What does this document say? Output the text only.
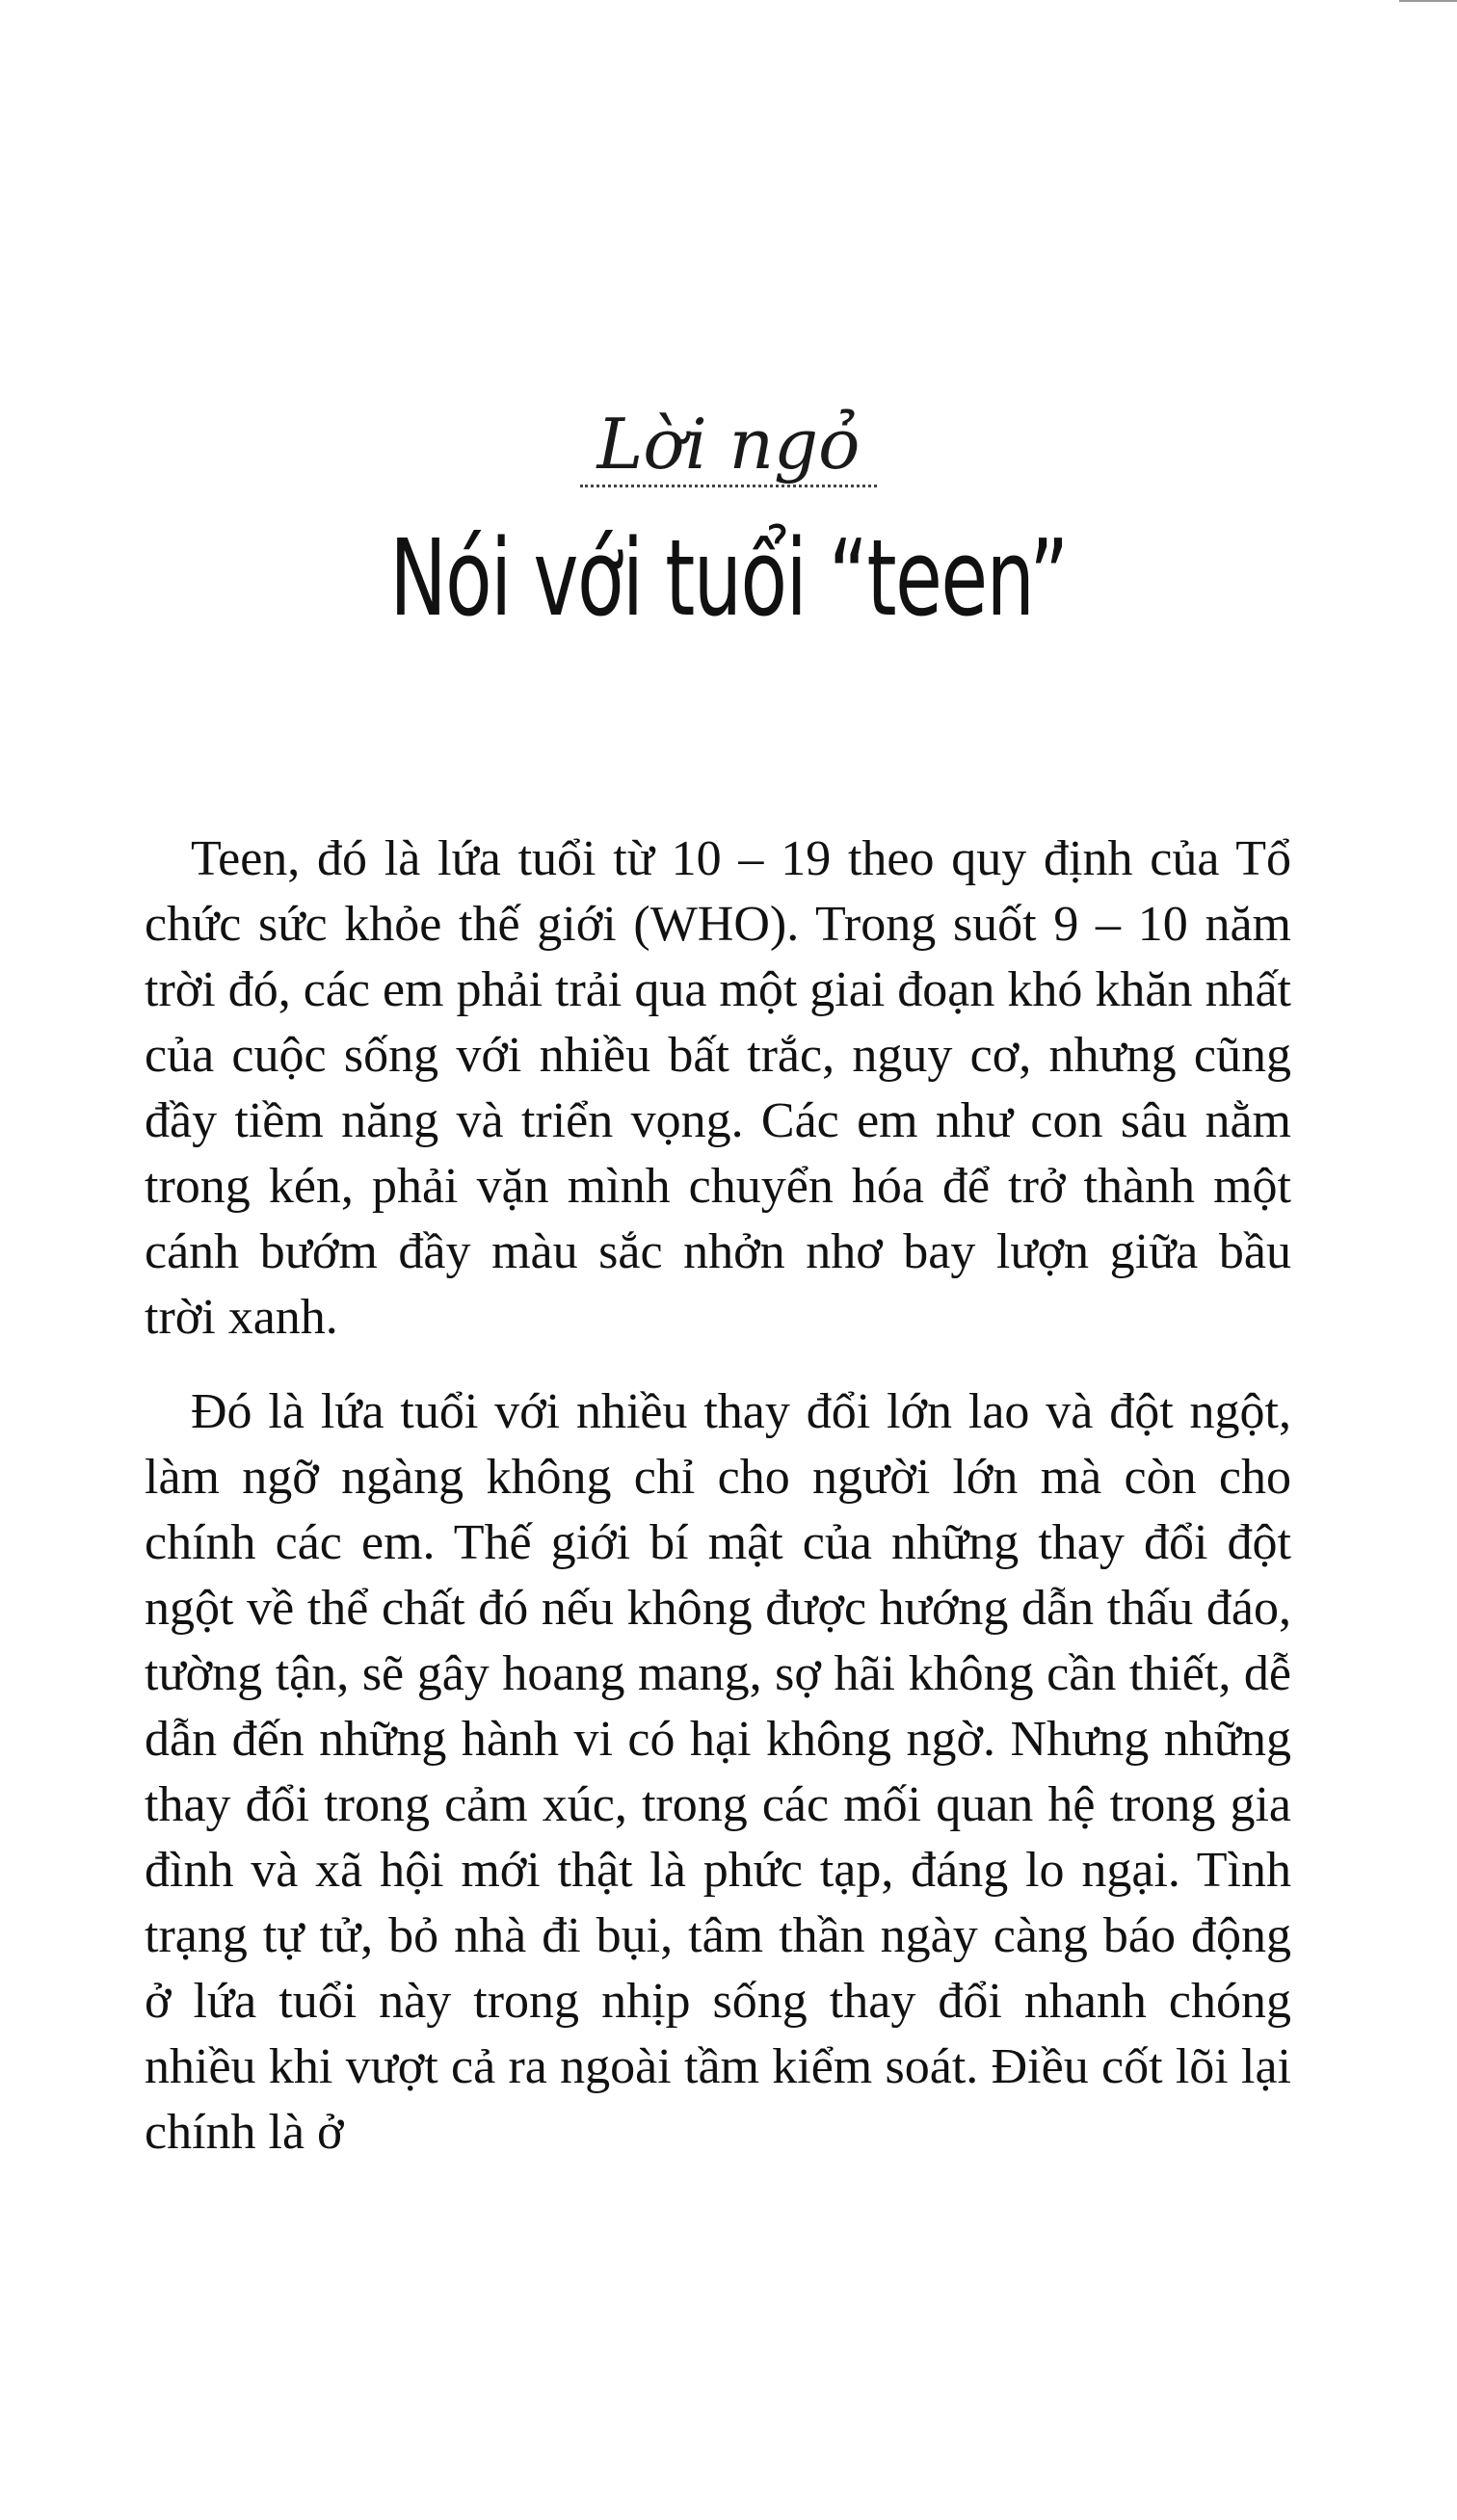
Lời ngỏ
Nói với tuổi “teen”

Teen, đó là lứa tuổi từ 10 – 19 theo quy định của Tổ chức sức khỏe thế giới (WHO). Trong suốt 9 – 10 năm trời đó, các em phải trải qua một giai đoạn khó khăn nhất của cuộc sống với nhiều bất trắc, nguy cơ, nhưng cũng đầy tiềm năng và triển vọng. Các em như con sâu nằm trong kén, phải vặn mình chuyển hóa để trở thành một cánh bướm đầy màu sắc nhởn nhơ bay lượn giữa bầu trời xanh.

Đó là lứa tuổi với nhiều thay đổi lớn lao và đột ngột, làm ngỡ ngàng không chỉ cho người lớn mà còn cho chính các em. Thế giới bí mật của những thay đổi đột ngột về thể chất đó nếu không được hướng dẫn thấu đáo, tường tận, sẽ gây hoang mang, sợ hãi không cần thiết, dễ dẫn đến những hành vi có hại không ngờ. Nhưng những thay đổi trong cảm xúc, trong các mối quan hệ trong gia đình và xã hội mới thật là phức tạp, đáng lo ngại. Tình trạng tự tử, bỏ nhà đi bụi, tâm thần ngày càng báo động ở lứa tuổi này trong nhịp sống thay đổi nhanh chóng nhiều khi vượt cả ra ngoài tầm kiểm soát. Điều cốt lõi lại chính là ở
